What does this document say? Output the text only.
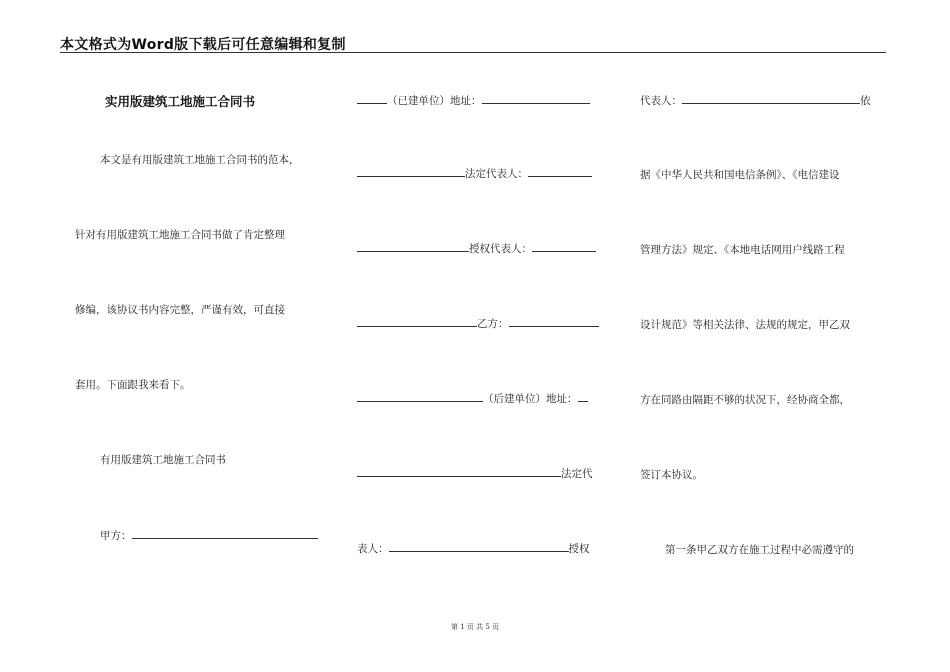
本文格式为Word版下载后可任意编辑和复制
实用版建筑工地施工合同书
本文是有用版建筑工地施工合同书的范本，
针对有用版建筑工地施工合同书做了肯定整理
修编，该协议书内容完整，严谨有效，可直接
套用。下面跟我来看下。
有用版建筑工地施工合同书
甲方：
（已建单位）地址：
法定代表人：
授权代表人：
乙方：
（后建单位）地址：
法定代
表人：	授权
代表人：	依
据《中华人民共和国电信条例》、《电信建设
管理方法》规定、《本地电话网用户线路工程
设计规范》等相关法律、法规的规定，甲乙双
方在同路由隔距不够的状况下，经协商全都，
签订本协议。
第一条甲乙双方在施工过程中必需遵守的
第 1 页 共 5 页
